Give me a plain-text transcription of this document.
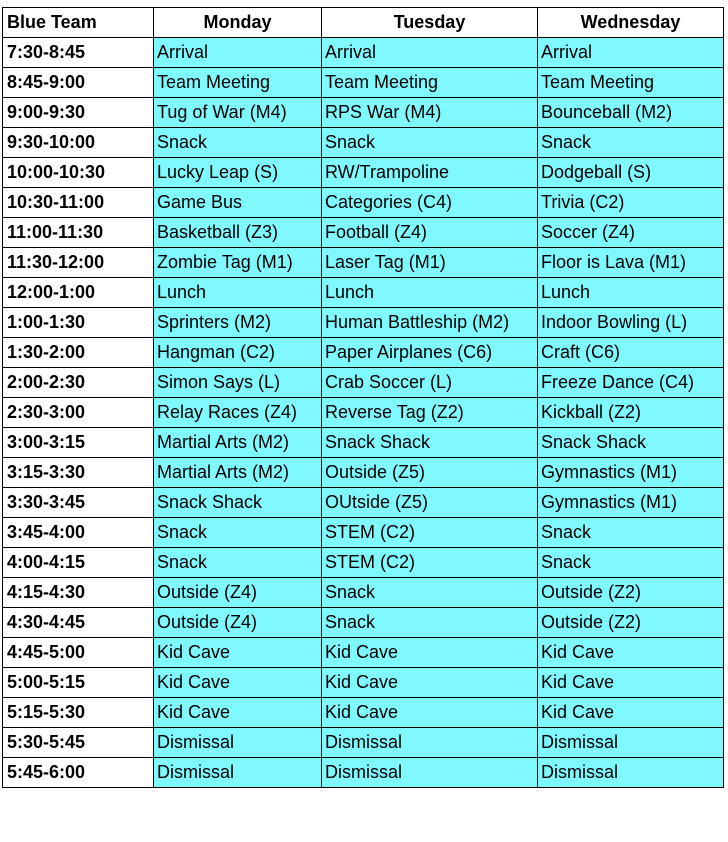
Blue Team	Monday	Tuesday	Wednesday
7:30-8:45	Arrival	Arrival	Arrival
8:45-9:00	Team Meeting	Team Meeting	Team Meeting
9:00-9:30	Tug of War (M4)	RPS War (M4)	Bounceball (M2)
9:30-10:00	Snack	Snack	Snack
10:00-10:30	Lucky Leap (S)	RW/Trampoline	Dodgeball (S)
10:30-11:00	Game Bus	Categories (C4)	Trivia (C2)
11:00-11:30	Basketball (Z3)	Football (Z4)	Soccer (Z4)
11:30-12:00	Zombie Tag (M1)	Laser Tag (M1)	Floor is Lava (M1)
12:00-1:00	Lunch	Lunch	Lunch
1:00-1:30	Sprinters (M2)	Human Battleship (M2)	Indoor Bowling (L)
1:30-2:00	Hangman (C2)	Paper Airplanes (C6)	Craft (C6)
2:00-2:30	Simon Says (L)	Crab Soccer (L)	Freeze Dance (C4)
2:30-3:00	Relay Races (Z4)	Reverse Tag (Z2)	Kickball (Z2)
3:00-3:15	Martial Arts (M2)	Snack Shack	Snack Shack
3:15-3:30	Martial Arts (M2)	Outside (Z5)	Gymnastics (M1)
3:30-3:45	Snack Shack	OUtside (Z5)	Gymnastics (M1)
3:45-4:00	Snack	STEM (C2)	Snack
4:00-4:15	Snack	STEM (C2)	Snack
4:15-4:30	Outside (Z4)	Snack	Outside (Z2)
4:30-4:45	Outside (Z4)	Snack	Outside (Z2)
4:45-5:00	Kid Cave	Kid Cave	Kid Cave
5:00-5:15	Kid Cave	Kid Cave	Kid Cave
5:15-5:30	Kid Cave	Kid Cave	Kid Cave
5:30-5:45	Dismissal	Dismissal	Dismissal
5:45-6:00	Dismissal	Dismissal	Dismissal
